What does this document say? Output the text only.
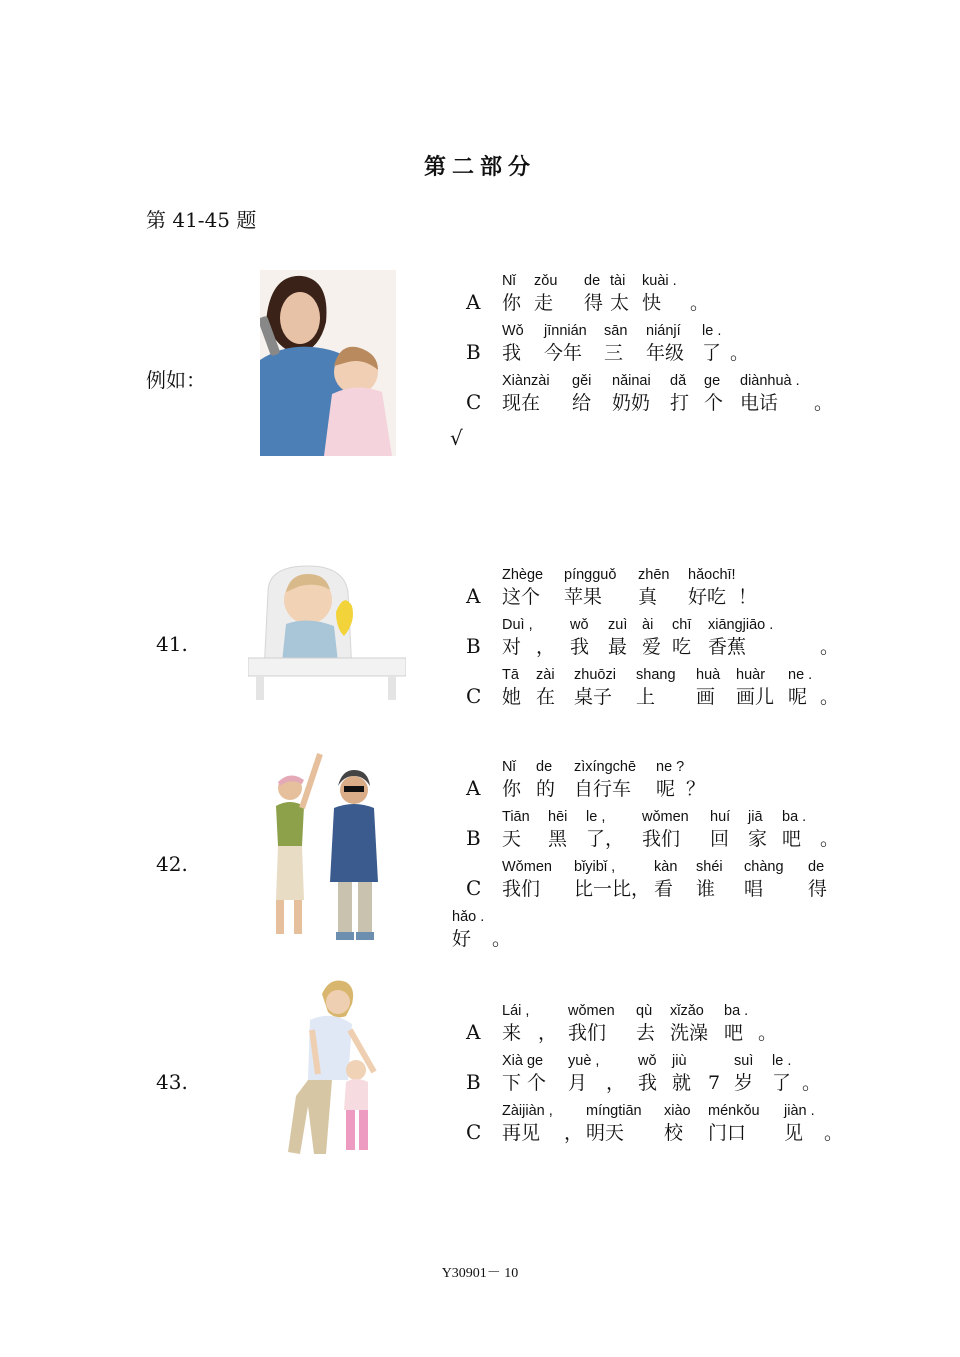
第二部分
第 41-45 题
例如：
A
Nǐ
你
zǒu
走
de
得
tài
太
kuài .
快	。
B
Wǒ
我
jīnnián
今年
sān
三
niánjí
年级
le .
了 。
C
Xiànzài
现在
gěi
给
nǎinai
奶奶
dǎ
打
ge
个
diànhuà .
电话	。
√
41.
A
Zhège
这个
píngguǒ
苹果
zhēn
真
hǎochī!
好吃 ！
B
Duì ,
对 ，
wǒ
我
zuì
最
ài
爱
chī
吃
xiāngjiāo .
香蕉	。
C
Tā
她
zài
在
zhuōzi
桌子
shang
上
huà
画
huàr
画儿
ne .
呢 。
42.
A
Nǐ
你
de
的
zìxíngchē
自行车
ne ?
呢 ？
B
Tiān
天
hēi
黑
le ,
了，
wǒmen
我们
huí
回
jiā
家
ba .
吧 。
C
Wǒmen
我们
bǐyibǐ ,
比一比，
kàn
看
shéi
谁
chàng
唱
de
得
hǎo .
好	。
43.
A
Lái ,
来 ，
wǒmen
我们
qù
去
xǐzǎo
洗澡
ba .
吧 。
B
Xià ge
下 个
yuè ,
月 ，
wǒ
我
jiù
就 7
suì
岁
le .
了 。
C
Zàijiàn ,
再见	，
míngtiān
明天
xiào
校
ménkǒu
门口
jiàn .
见	。
Y30901－ 10
